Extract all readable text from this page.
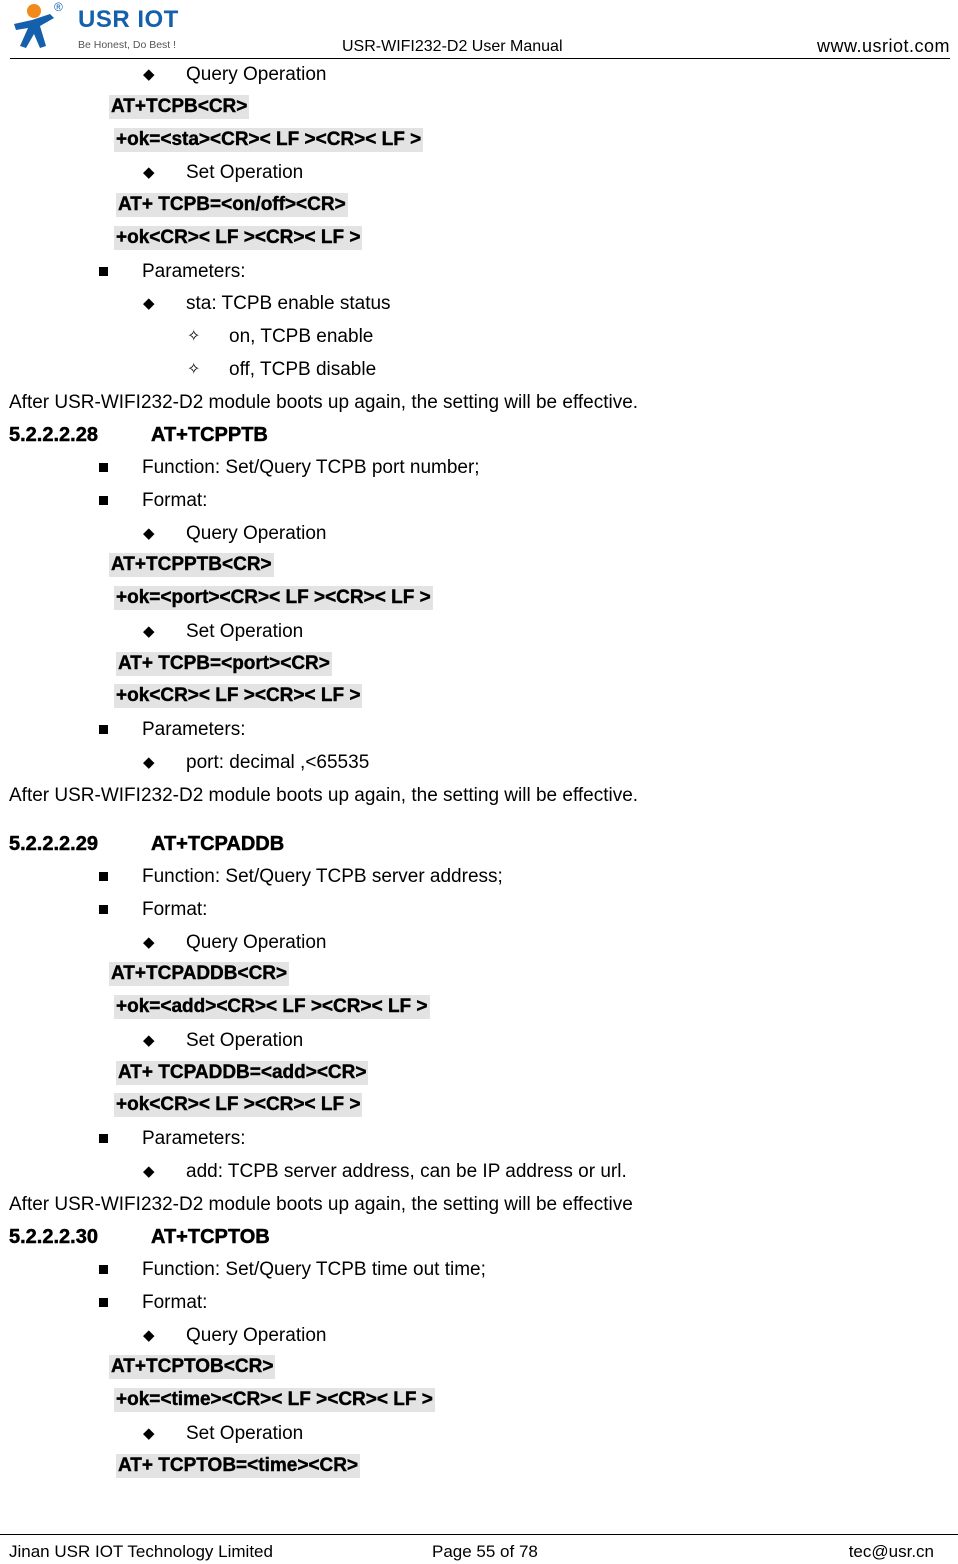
® USR IOT
Be Honest, Do Best !	USR-WIFI232-D2 User Manual	www.usriot.com
◆ Query Operation
AT+TCPB<CR>
+ok=<sta><CR>< LF ><CR>< LF >
◆ Set Operation
AT+ TCPB=<on/off><CR>
+ok<CR>< LF ><CR>< LF >
Parameters:
◆ sta: TCPB enable status
✧ on, TCPB enable
✧ off, TCPB disable
After USR-WIFI232-D2 module boots up again, the setting will be effective.
5.2.2.2.28	AT+TCPPTB
Function: Set/Query TCPB port number;
Format:
◆ Query Operation
AT+TCPPTB<CR>
+ok=<port><CR>< LF ><CR>< LF >
◆ Set Operation
AT+ TCPB=<port><CR>
+ok<CR>< LF ><CR>< LF >
Parameters:
◆ port: decimal ,<65535
After USR-WIFI232-D2 module boots up again, the setting will be effective.
5.2.2.2.29	AT+TCPADDB
Function: Set/Query TCPB server address;
Format:
◆ Query Operation
AT+TCPADDB<CR>
+ok=<add><CR>< LF ><CR>< LF >
◆ Set Operation
AT+ TCPADDB=<add><CR>
+ok<CR>< LF ><CR>< LF >
Parameters:
◆ add: TCPB server address, can be IP address or url.
After USR-WIFI232-D2 module boots up again, the setting will be effective
5.2.2.2.30	AT+TCPTOB
Function: Set/Query TCPB time out time;
Format:
◆ Query Operation
AT+TCPTOB<CR>
+ok=<time><CR>< LF ><CR>< LF >
◆ Set Operation
AT+ TCPTOB=<time><CR>
Jinan USR IOT Technology Limited	Page 55 of 78	tec@usr.cn
